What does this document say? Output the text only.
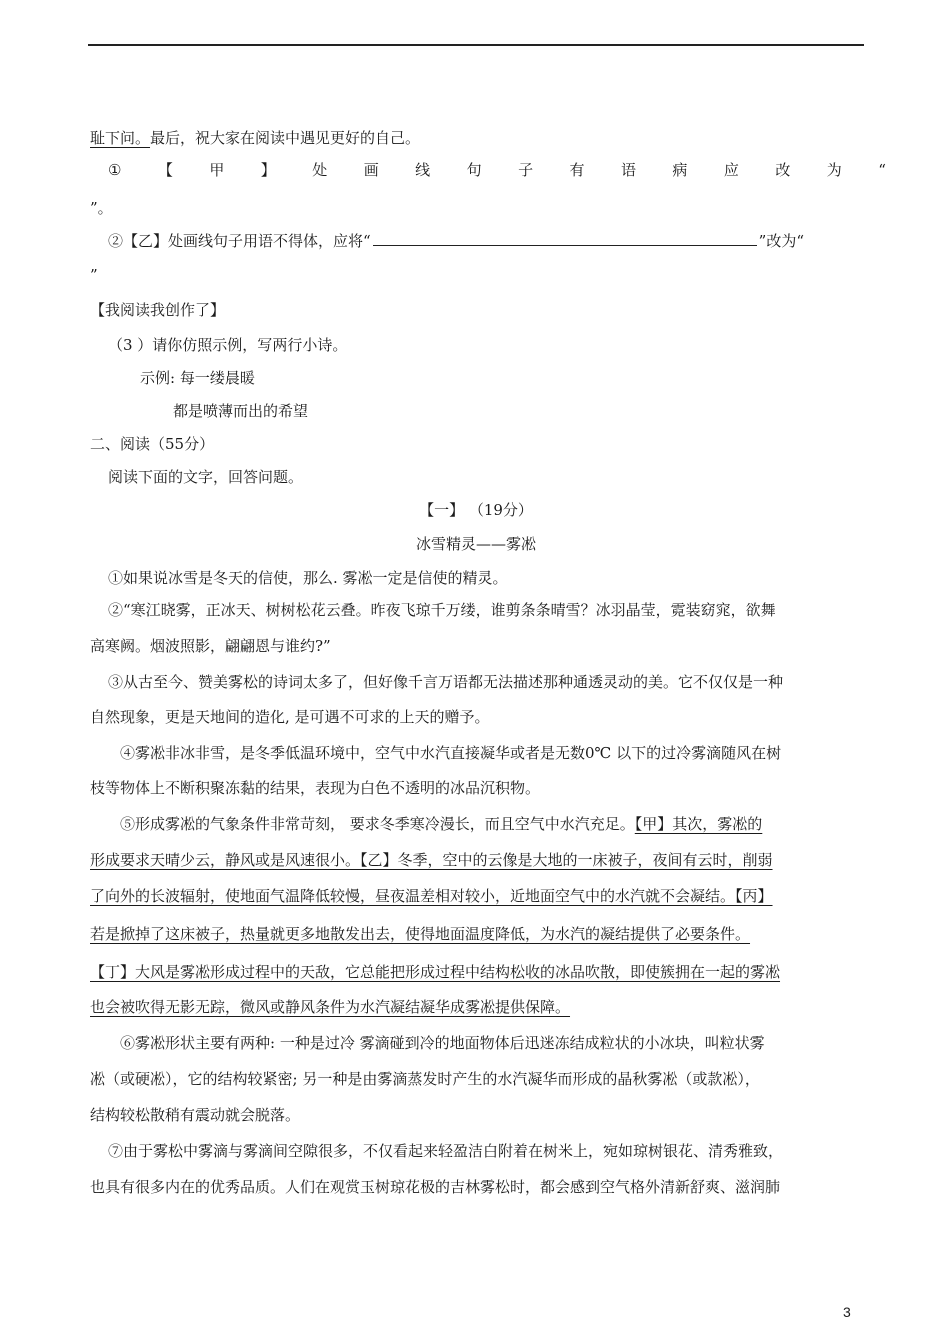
耻下问。最后，祝大家在阅读中遇见更好的自己。
① 【 甲 】 处 画 线 句 子 有 语 病 应 改 为 “
”。
②【乙】处画线句子用语不得体，应将“	”改为“
”
【我阅读我创作了】
（3 ）请你仿照示例，写两行小诗。
示例: 每一缕晨暖
都是喷薄而出的希望
二、阅读（55分）
阅读下面的文字，回答问题。
【一】 （19分）
冰雪精灵——雾凇
①如果说冰雪是冬天的信使，那么. 雾凇一定是信使的精灵。
②“寒江晓雾，正冰天、树树松花云叠。昨夜飞琼千万缕，谁剪条条晴雪？冰羽晶莹，霓装窈窕，欲舞
高寒阙。烟波照影，翩翩恩与谁约?”
③从古至今、赞美雾松的诗词太多了，但好像千言万语都无法描述那种通透灵动的美。它不仅仅是一种
自然现象，更是天地间的造化, 是可遇不可求的上天的赠予。
④雾凇非冰非雪，是冬季低温环境中，空气中水汽直接凝华或者是无数0℃ 以下的过冷雾滴随风在树
枝等物体上不断积聚冻黏的结果，表现为白色不透明的冰品沉积物。
⑤形成雾凇的气象条件非常苛刻， 要求冬季寒冷漫长，而且空气中水汽充足。【甲】其次，雾凇的
形成要求天晴少云，静风或是风速很小。【乙】冬季，空中的云像是大地的一床被子，夜间有云时，削弱
了向外的长波辐射，使地面气温降低较慢，昼夜温差相对较小，近地面空气中的水汽就不会凝结。【丙】
若是掀掉了这床被子，热量就更多地散发出去，使得地面温度降低，为水汽的凝结提供了必要条件。
【丁】大风是雾凇形成过程中的天敌，它总能把形成过程中结构松收的冰品吹散，即使簇拥在一起的雾凇
也会被吹得无影无踪，微风或静风条件为水汽凝结凝华成雾凇提供保障。
⑥雾凇形状主要有两种: 一种是过冷 雾滴碰到冷的地面物体后迅迷冻结成粒状的小冰块，叫粒状雾
凇（或硬凇），它的结构较紧密; 另一种是由雾滴蒸发时产生的水汽凝华而形成的晶秋雾凇（或款凇），
结构较松散稍有震动就会脱落。
⑦由于雾松中雾滴与雾滴间空隙很多，不仅看起来轻盈洁白附着在树米上，宛如琼树银花、清秀雅致，
也具有很多内在的优秀品质。人们在观赏玉树琼花极的吉林雾松时，都会感到空气格外清新舒爽、滋润肺
3
